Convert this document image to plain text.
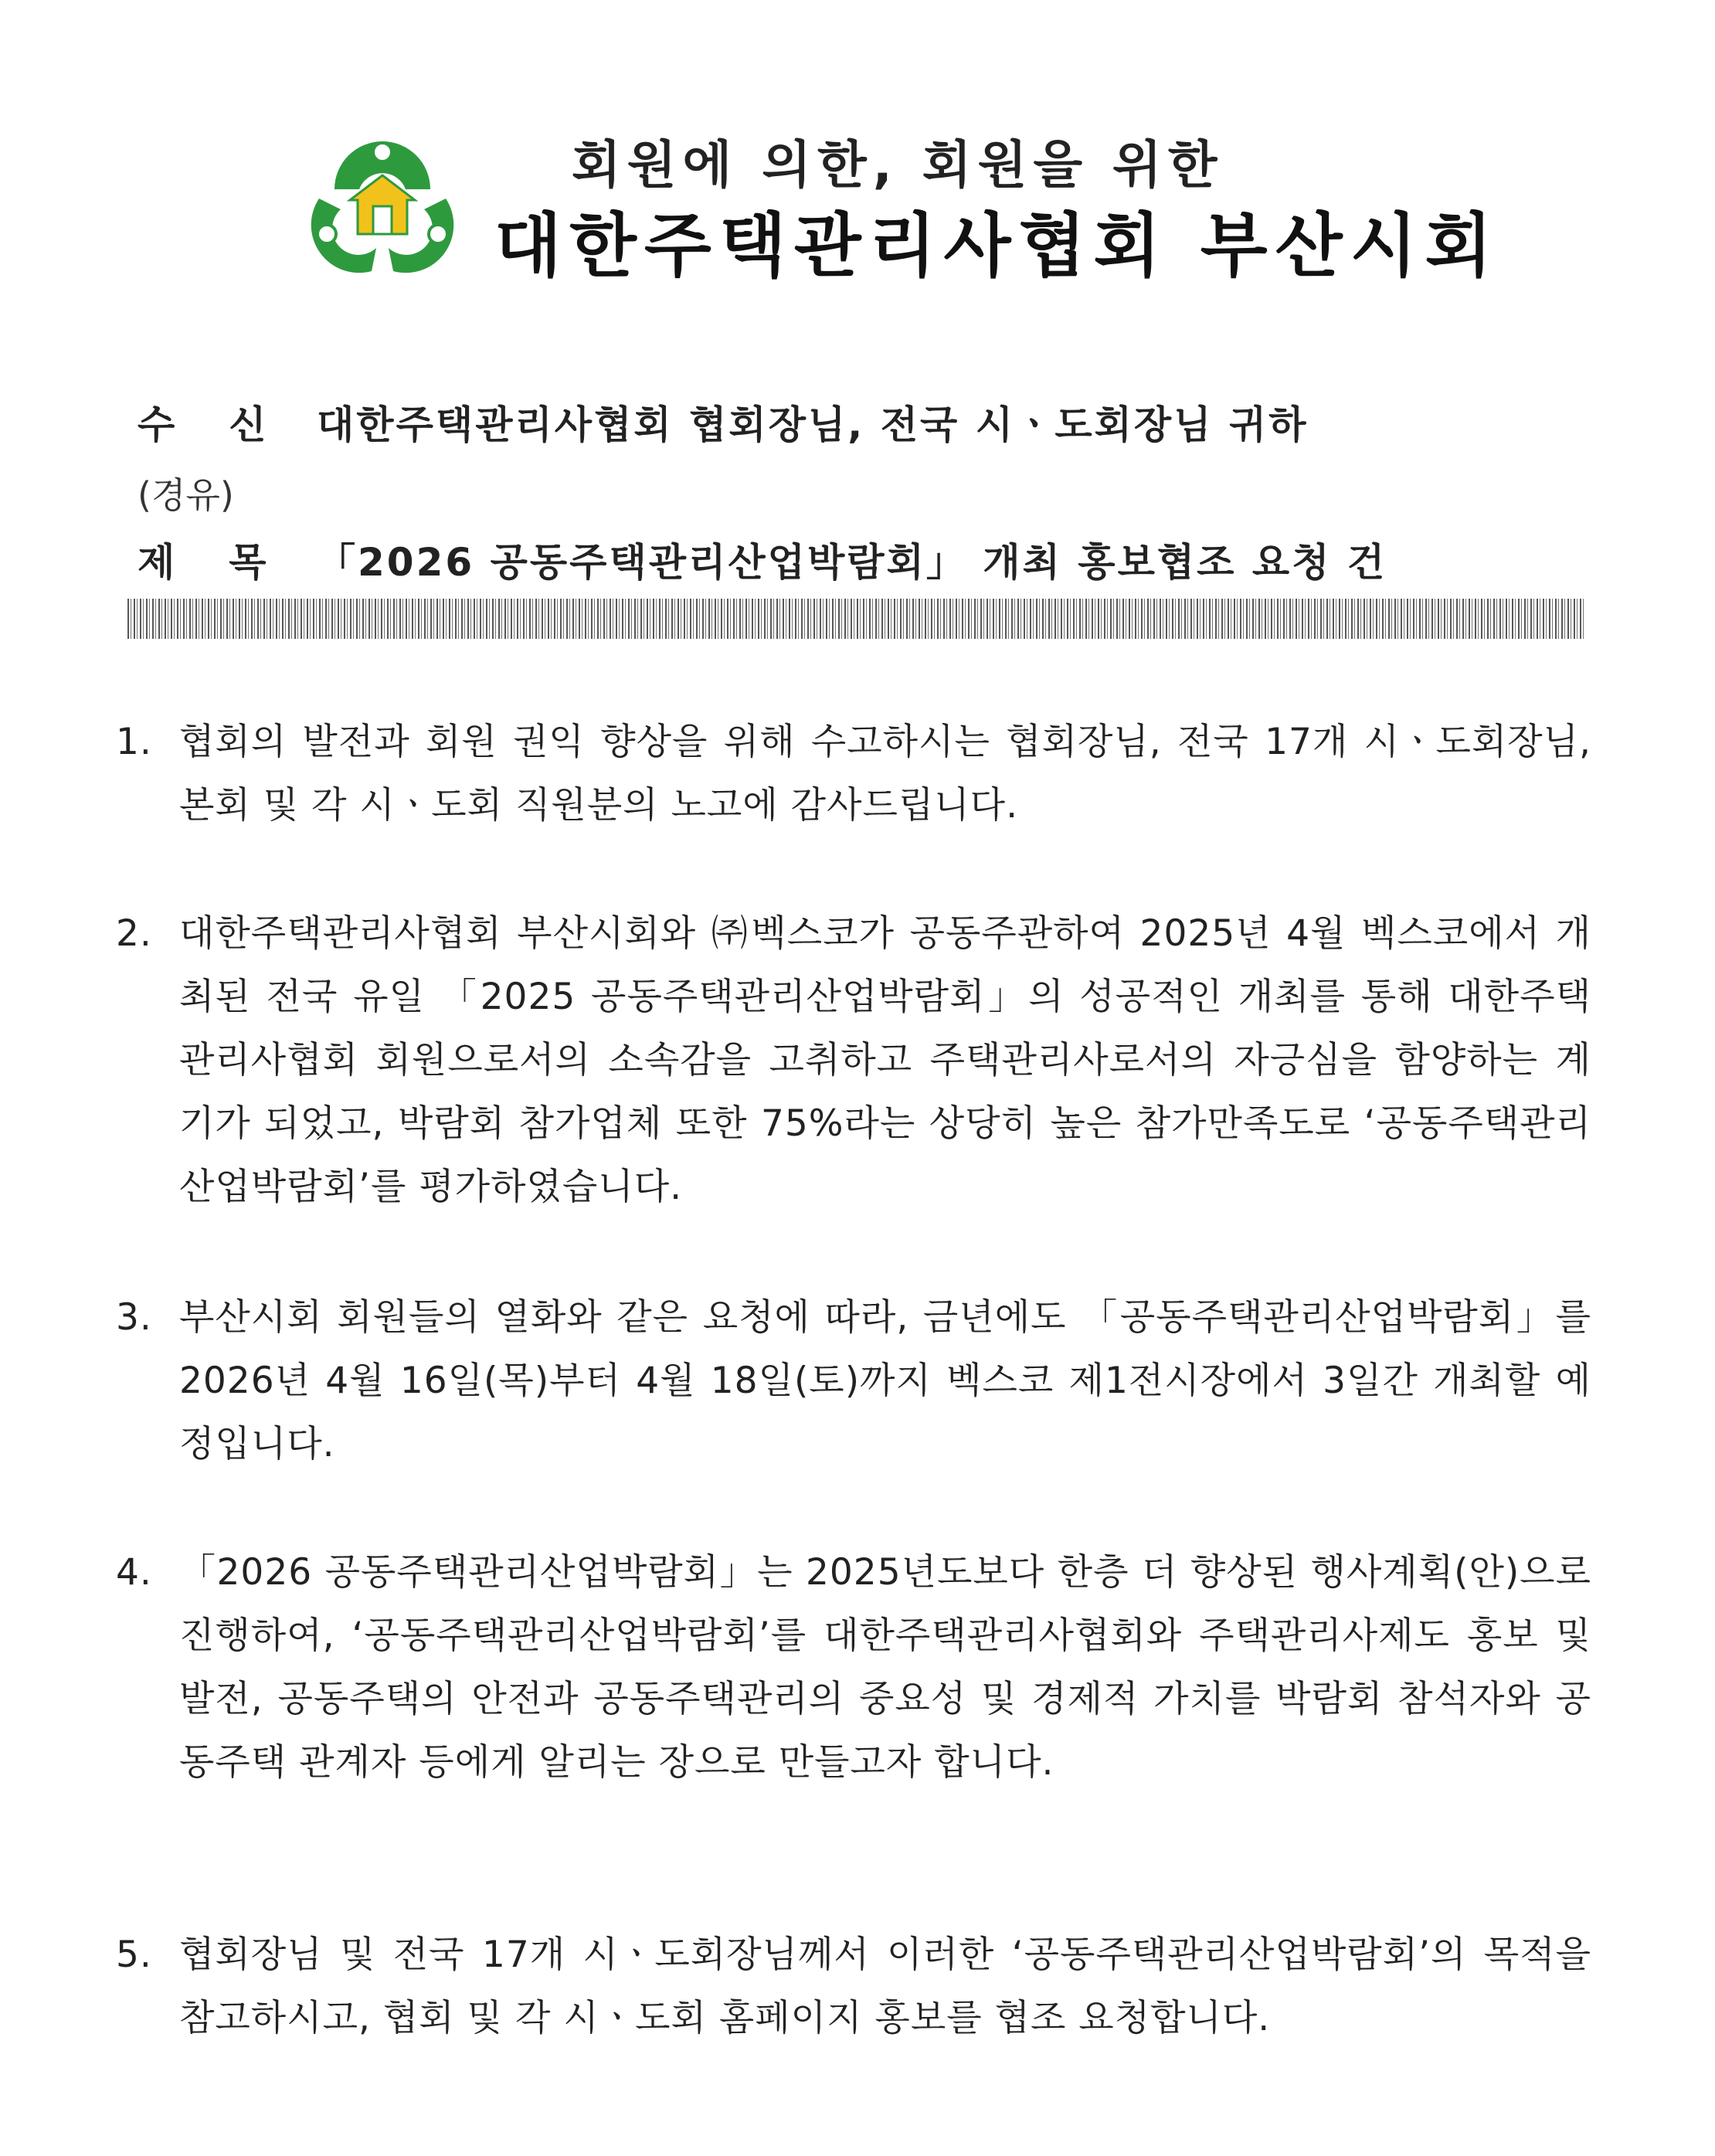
회원에 의한, 회원을 위한
대한주택관리사협회 부산시회
수신
대한주택관리사협회 협회장님, 전국 시ㆍ도회장님 귀하
(경유)
제목
「2026 공동주택관리산업박람회」 개최 홍보협조 요청 건
1. 협회의 발전과 회원 권익 향상을 위해 수고하시는 협회장님, 전국 17개 시ㆍ도회장님, 본회 및 각 시ㆍ도회 직원분의 노고에 감사드립니다.
2. 대한주택관리사협회 부산시회와 ㈜벡스코가 공동주관하여 2025년 4월 벡스코에서 개최된 전국 유일 「2025 공동주택관리산업박람회」의 성공적인 개최를 통해 대한주택관리사협회 회원으로서의 소속감을 고취하고 주택관리사로서의 자긍심을 함양하는 계기가 되었고, 박람회 참가업체 또한 75%라는 상당히 높은 참가만족도로 ‘공동주택관리산업박람회’를 평가하였습니다.
3. 부산시회 회원들의 열화와 같은 요청에 따라, 금년에도 「공동주택관리산업박람회」를 2026년 4월 16일(목)부터 4월 18일(토)까지 벡스코 제1전시장에서 3일간 개최할 예정입니다.
4. 「2026 공동주택관리산업박람회」는 2025년도보다 한층 더 향상된 행사계획(안)으로 진행하여, ‘공동주택관리산업박람회’를 대한주택관리사협회와 주택관리사제도 홍보 및 발전, 공동주택의 안전과 공동주택관리의 중요성 및 경제적 가치를 박람회 참석자와 공동주택 관계자 등에게 알리는 장으로 만들고자 합니다.
5. 협회장님 및 전국 17개 시ㆍ도회장님께서 이러한 ‘공동주택관리산업박람회’의 목적을 참고하시고, 협회 및 각 시ㆍ도회 홈페이지 홍보를 협조 요청합니다.
